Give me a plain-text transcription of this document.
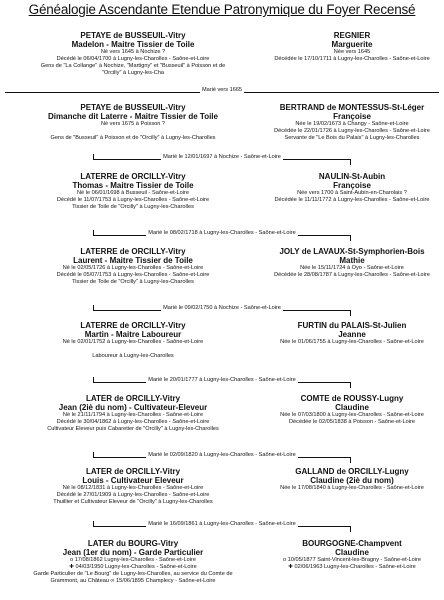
Généalogie Ascendante Etendue Patronymique du Foyer Recensé
PETAYE de BUSSEUIL-Vitry
Madelon - Maitre Tissier de Toile
Né vers 1645 à Nochize ?
Décédé le 06/04/1700 à Lugny-les-Charolles - Saône-et-Loire
Gens de "La Collange" à Nochize, "Martigny" et "Busseuil" à Poisson et de
"Orcilly" à Lugny-les-Cha
REGNIER
Marguerite
Née vers 1645
Décédée le 17/10/1711 à Lugny-les-Charolles - Saône-et-Loire
Marié vers 1665
PETAYE de BUSSEUIL-Vitry
Dimanche dit Laterre - Maitre Tissier de Toile
Né vers 1675 à Poisson ?

Gens de "Busseuil" à Poisson et de "Orcilly" à Lugny-les-Charolles
BERTRAND de MONTESSUS-St-Léger
Françoise
Née le 19/02/1673 à Changy - Saône-et-Loire
Décédée le 22/01/1726 à Lugny-les-Charolles - Saône-et-Loire
Servante de "Le Bois du Palais" à Lugny-les-Charolles
Marié le 12/01/1697 à Nochize - Saône-et-Loire
LATERRE de ORCILLY-Vitry
Thomas - Maitre Tissier de Toile
Né le 06/01/1698 à Busseuil - Saône-et-Loire
Décédé le 11/07/1753 à Lugny-les-Charolles - Saône-et-Loire
Tissier de Toile de "Orcilly" à Lugny-les-Charolles
NAULIN-St-Aubin
Françoise
Née vers 1700 à Saint-Aubin-en-Charolais ?
Décédée le 11/11/1772 à Lugny-les-Charolles - Saône-et-Loire
Marié le 08/02/1718 à Lugny-les-Charolles - Saône-et-Loire
LATERRE de ORCILLY-Vitry
Laurent - Maitre Tissier de Toile
Né le 02/05/1726 à Lugny-les-Charolles - Saône-et-Loire
Décédé le 05/07/1753 à Lugny-les-Charolles - Saône-et-Loire
Tissier de Toile de "Orcilly" à Lugny-les-Charolles
JOLY de LAVAUX-St-Symphorien-Bois
Mathie
Née le 15/11/1724 à Oyo - Saône-et-Loire
Décédée le 28/08/1787 à Lugny-les-Charolles - Saône-et-Loire
Marié le 09/02/1750 à Nochize - Saône-et-Loire
LATERRE de ORCILLY-Vitry
Martin - Maitre Laboureur
Né le 02/01/1752 à Lugny-les-Charolles - Saône-et-Loire

Laboureur à Lugny-les-Charolles
FURTIN du PALAIS-St-Julien
Jeanne
Née le 01/06/1755 à Lugny-les-Charolles - Saône-et-Loire
Marié le 20/01/1777 à Lugny-les-Charolles - Saône-et-Loire
LATER de ORCILLY-Vitry
Jean (2iè du nom) - Cultivateur-Eleveur
Né le 21/11/1794 à Lugny-les-Charolles - Saône-et-Loire
Décédé le 30/04/1862 à Lugny-les-Charolles - Saône-et-Loire
Cultivateur Eleveur puis Cabaretier de "Orcilly" à Lugny-les-Charolles
COMTE de ROUSSY-Lugny
Claudine
Née le 07/03/1800 à Lugny-les-Charolles - Saône-et-Loire
Décédée le 02/05/1838 à Poisson - Saône-et-Loire
Marié le 02/09/1820 à Lugny-les-Charolles - Saône-et-Loire
LATER de ORCILLY-Vitry
Louis - Cultivateur Eleveur
Né le 08/12/1831 à Lugny-les-Charolles - Saône-et-Loire
Décédé le 27/01/1909 à Lugny-les-Charolles - Saône-et-Loire
Thuillier et Cultivateur Eleveur de "Orcilly" à Lugny-les-Charolles
GALLAND de ORCILLY-Lugny
Claudine (2iè du nom)
Née le 17/08/1840 à Lugny-les-Charolles - Saône-et-Loire
Marié le 16/09/1861 à Lugny-les-Charolles - Saône-et-Loire
LATER du BOURG-Vitry
Jean (1er du nom) - Garde Particulier
o 17/08/1862 Lugny-les-Charolles - Saône-et-Loire
✚ 04/03/1950 Lugny-les-Charolles - Saône-et-Loire
Garde Particulier de "Le Bourg" de Lugny-les-Charolles, au service du Comte de
Grammont, au Château ∞ 15/06/1895 Champlecy - Saône-et-Loire
BOURGOGNE-Champvent
Claudine
o 10/05/1877 Saint-Vincent-les-Bragny - Saône-et-Loire
✚ 02/06/1963 Lugny-les-Charolles - Saône-et-Loire
